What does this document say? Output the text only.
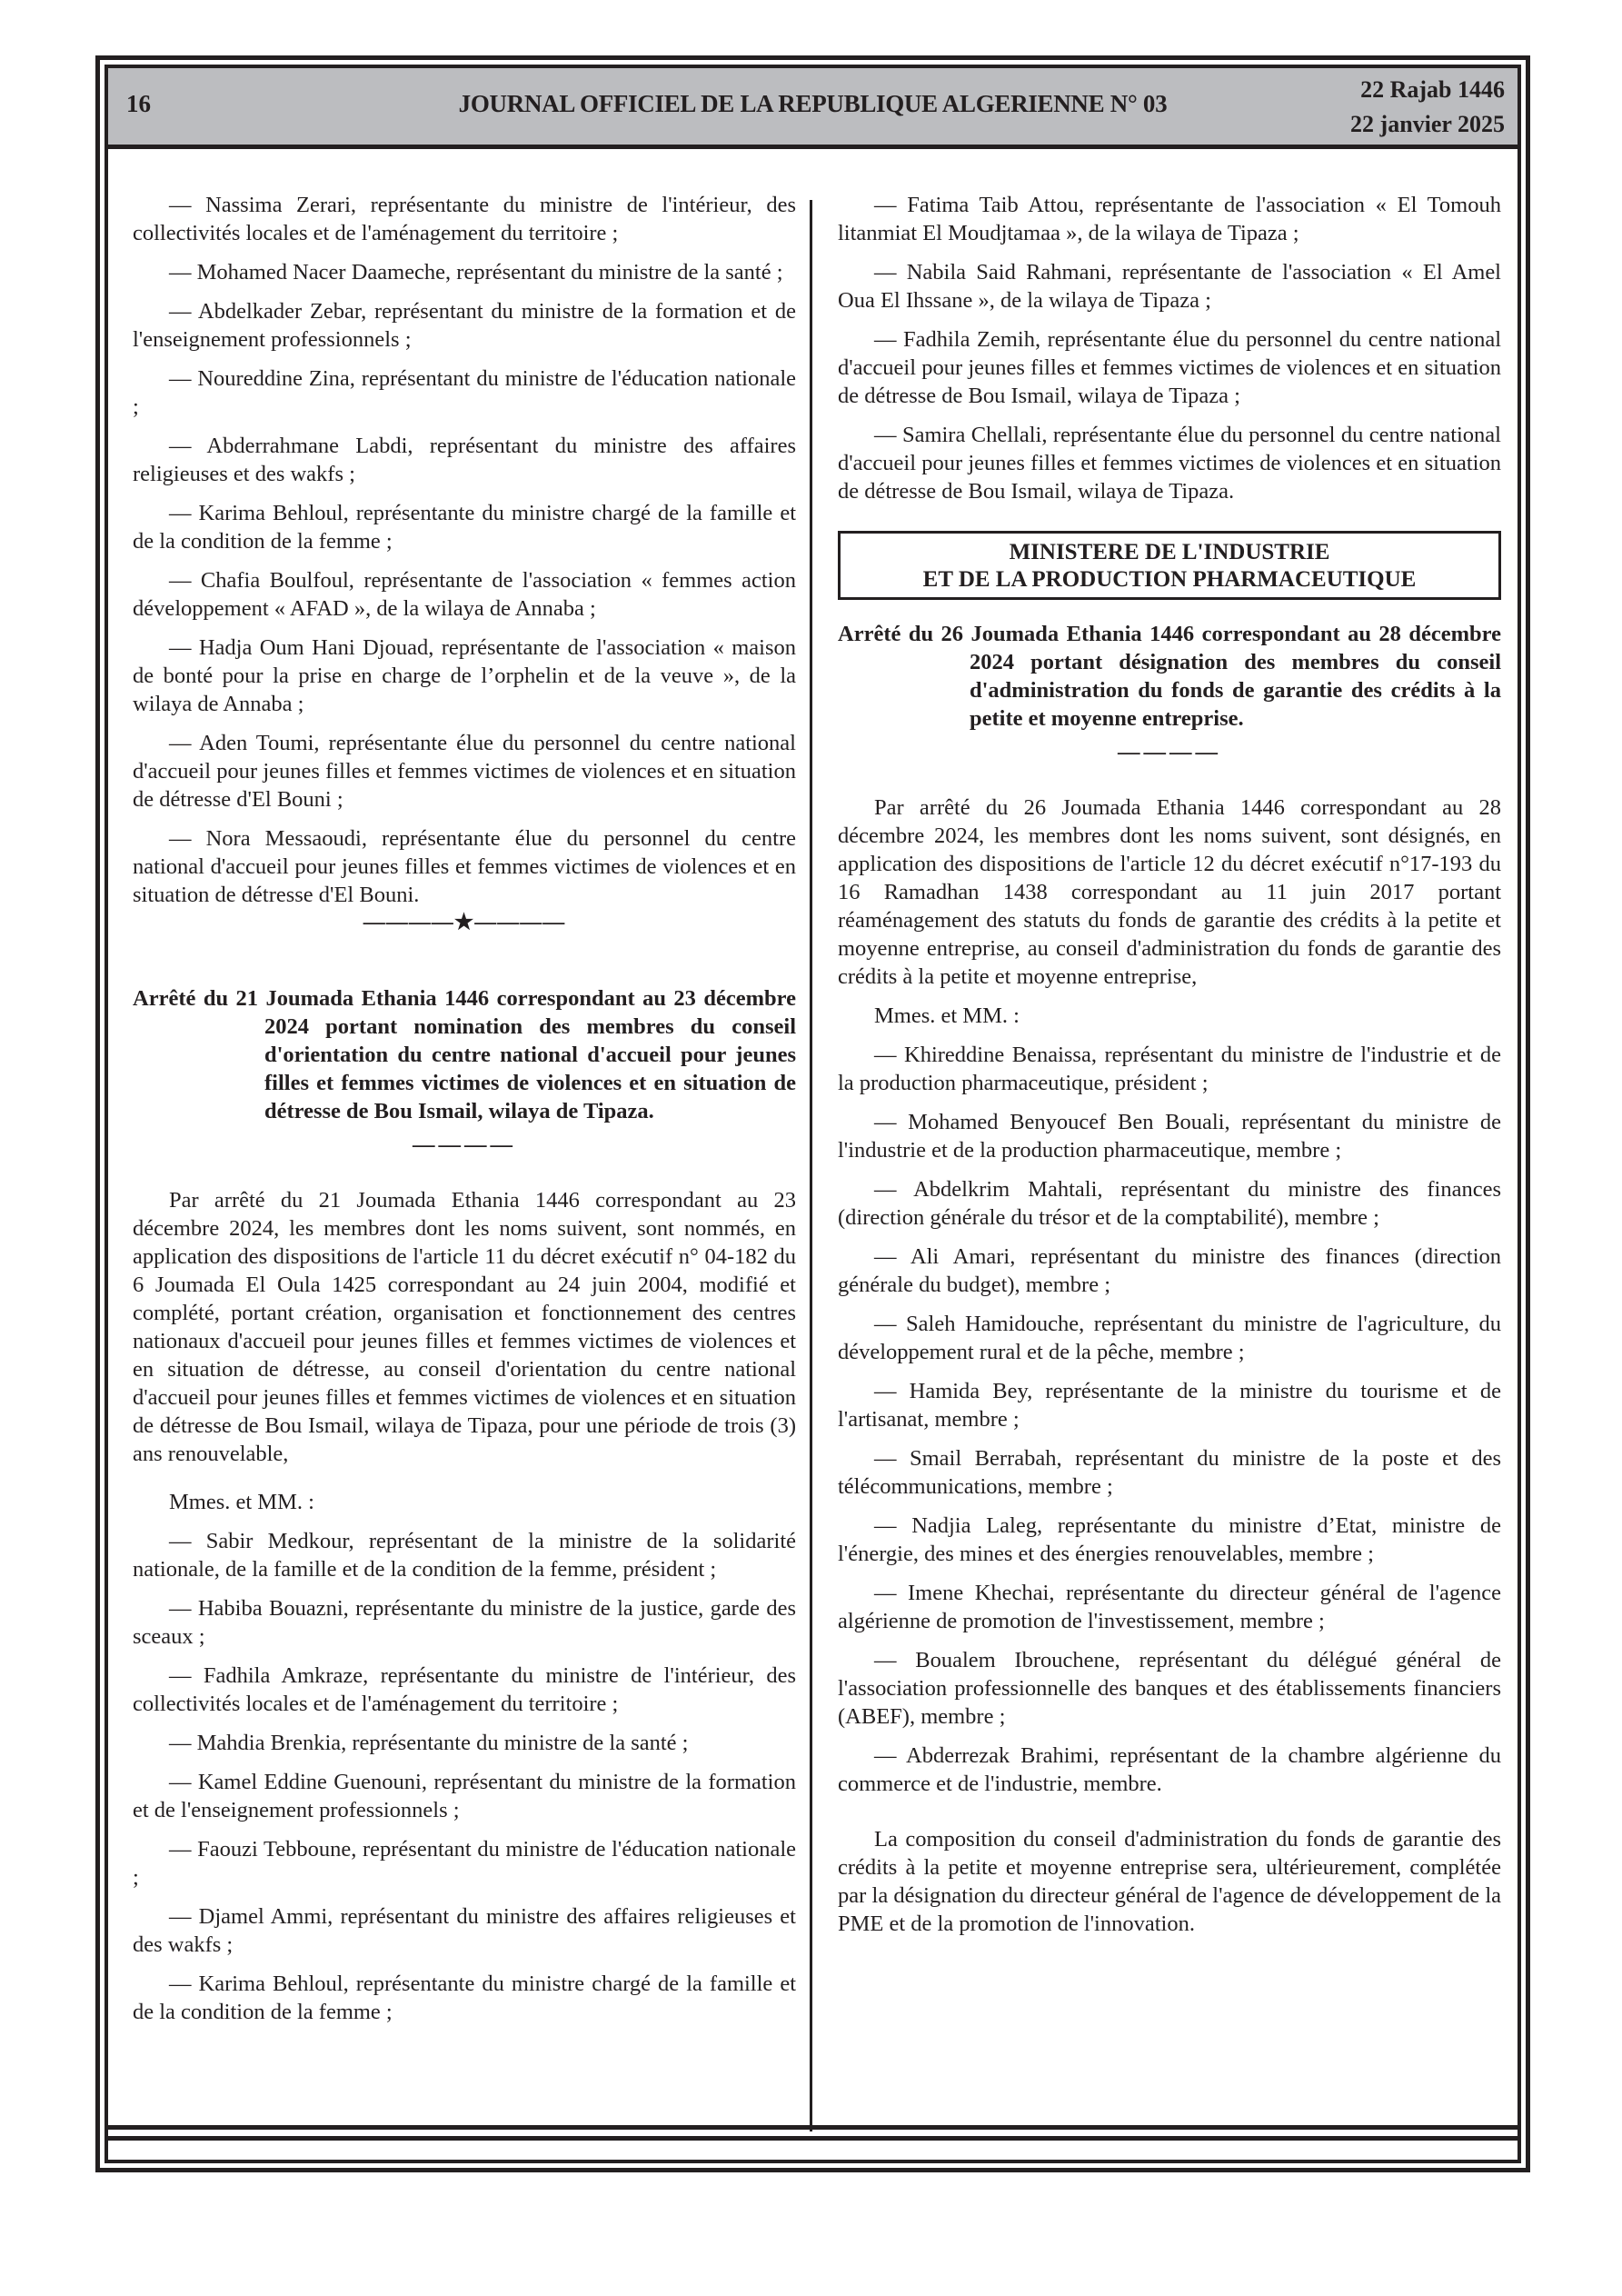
16	JOURNAL OFFICIEL DE LA REPUBLIQUE ALGERIENNE N° 03
22 Rajab 1446
22 janvier 2025

— Nassima Zerari, représentante du ministre de l'intérieur, des collectivités locales et de l'aménagement du territoire ;

— Mohamed Nacer Daameche, représentant du ministre de la santé ;

— Abdelkader Zebar, représentant du ministre de la formation et de l'enseignement professionnels ;

— Noureddine Zina, représentant du ministre de l'éducation nationale ;

— Abderrahmane Labdi, représentant du ministre des affaires religieuses et des wakfs ;

— Karima Behloul, représentante du ministre chargé de la famille et de la condition de la femme ;

— Chafia Boulfoul, représentante de l'association « femmes action développement « AFAD », de la wilaya de Annaba ;

— Hadja Oum Hani Djouad, représentante de l'association « maison de bonté pour la prise en charge de l’orphelin et de la veuve », de la wilaya de Annaba ;

— Aden Toumi, représentante élue du personnel du centre national d'accueil pour jeunes filles et femmes victimes de violences et en situation de détresse d'El Bouni ;

— Nora Messaoudi, représentante élue du personnel du centre national d'accueil pour jeunes filles et femmes victimes de violences et en situation de détresse d'El Bouni.

————★————

Arrêté du 21 Joumada Ethania 1446 correspondant au 23 décembre 2024 portant nomination des membres du conseil d'orientation du centre national d'accueil pour jeunes filles et femmes victimes de violences et en situation de détresse de Bou Ismail, wilaya de Tipaza.

————

Par arrêté du 21 Joumada Ethania 1446 correspondant au 23 décembre 2024, les membres dont les noms suivent, sont nommés, en application des dispositions de l'article 11 du décret exécutif n° 04-182 du 6 Joumada El Oula 1425 correspondant au 24 juin 2004, modifié et complété, portant création, organisation et fonctionnement des centres nationaux d'accueil pour jeunes filles et femmes victimes de violences et en situation de détresse, au conseil d'orientation du centre national d'accueil pour jeunes filles et femmes victimes de violences et en situation de détresse de Bou Ismail, wilaya de Tipaza, pour une période de trois (3) ans renouvelable,

Mmes. et MM. :

— Sabir Medkour, représentant de la ministre de la solidarité nationale, de la famille et de la condition de la femme, président ;

— Habiba Bouazni, représentante du ministre de la justice, garde des sceaux ;

— Fadhila Amkraze, représentante du ministre de l'intérieur, des collectivités locales et de l'aménagement du territoire ;

— Mahdia Brenkia, représentante du ministre de la santé ;

— Kamel Eddine Guenouni, représentant du ministre de la formation et de l'enseignement professionnels ;

— Faouzi Tebboune, représentant du ministre de l'éducation nationale ;

— Djamel Ammi, représentant du ministre des affaires religieuses et des wakfs ;

— Karima Behloul, représentante du ministre chargé de la famille et de la condition de la femme ;

— Fatima Taib Attou, représentante de l'association « El Tomouh litanmiat El Moudjtamaa », de la wilaya de Tipaza ;

— Nabila Said Rahmani, représentante de l'association « El Amel Oua El Ihssane », de la wilaya de Tipaza ;

— Fadhila Zemih, représentante élue du personnel du centre national d'accueil pour jeunes filles et femmes victimes de violences et en situation de détresse de Bou Ismail, wilaya de Tipaza ;

— Samira Chellali, représentante élue du personnel du centre national d'accueil pour jeunes filles et femmes victimes de violences et en situation de détresse de Bou Ismail, wilaya de Tipaza.

MINISTERE DE L'INDUSTRIE
ET DE LA PRODUCTION PHARMACEUTIQUE

Arrêté du 26 Joumada Ethania 1446 correspondant au 28 décembre 2024 portant désignation des membres du conseil d'administration du fonds de garantie des crédits à la petite et moyenne entreprise.

————

Par arrêté du 26 Joumada Ethania 1446 correspondant au 28 décembre 2024, les membres dont les noms suivent, sont désignés, en application des dispositions de l'article 12 du décret exécutif n°17-193 du 16 Ramadhan 1438 correspondant au 11 juin 2017 portant réaménagement des statuts du fonds de garantie des crédits à la petite et moyenne entreprise, au conseil d'administration du fonds de garantie des crédits à la petite et moyenne entreprise,

Mmes. et MM. :

— Khireddine Benaissa, représentant du ministre de l'industrie et de la production pharmaceutique, président ;

— Mohamed Benyoucef Ben Bouali, représentant du ministre de l'industrie et de la production pharmaceutique, membre ;

— Abdelkrim Mahtali, représentant du ministre des finances (direction générale du trésor et de la comptabilité), membre ;

— Ali Amari, représentant du ministre des finances (direction générale du budget), membre ;

— Saleh Hamidouche, représentant du ministre de l'agriculture, du développement rural et de la pêche, membre ;

— Hamida Bey, représentante de la ministre du tourisme et de l'artisanat, membre ;

— Smail Berrabah, représentant du ministre de la poste et des télécommunications, membre ;

— Nadjia Laleg, représentante du ministre d’Etat, ministre de l'énergie, des mines et des énergies renouvelables, membre ;

— Imene Khechai, représentante du directeur général de l'agence algérienne de promotion de l'investissement, membre ;

— Boualem Ibrouchene, représentant du délégué général de l'association professionnelle des banques et des établissements financiers (ABEF), membre ;

— Abderrezak Brahimi, représentant de la chambre algérienne du commerce et de l'industrie, membre.

La composition du conseil d'administration du fonds de garantie des crédits à la petite et moyenne entreprise sera, ultérieurement, complétée par la désignation du directeur général de l'agence de développement de la PME et de la promotion de l'innovation.
